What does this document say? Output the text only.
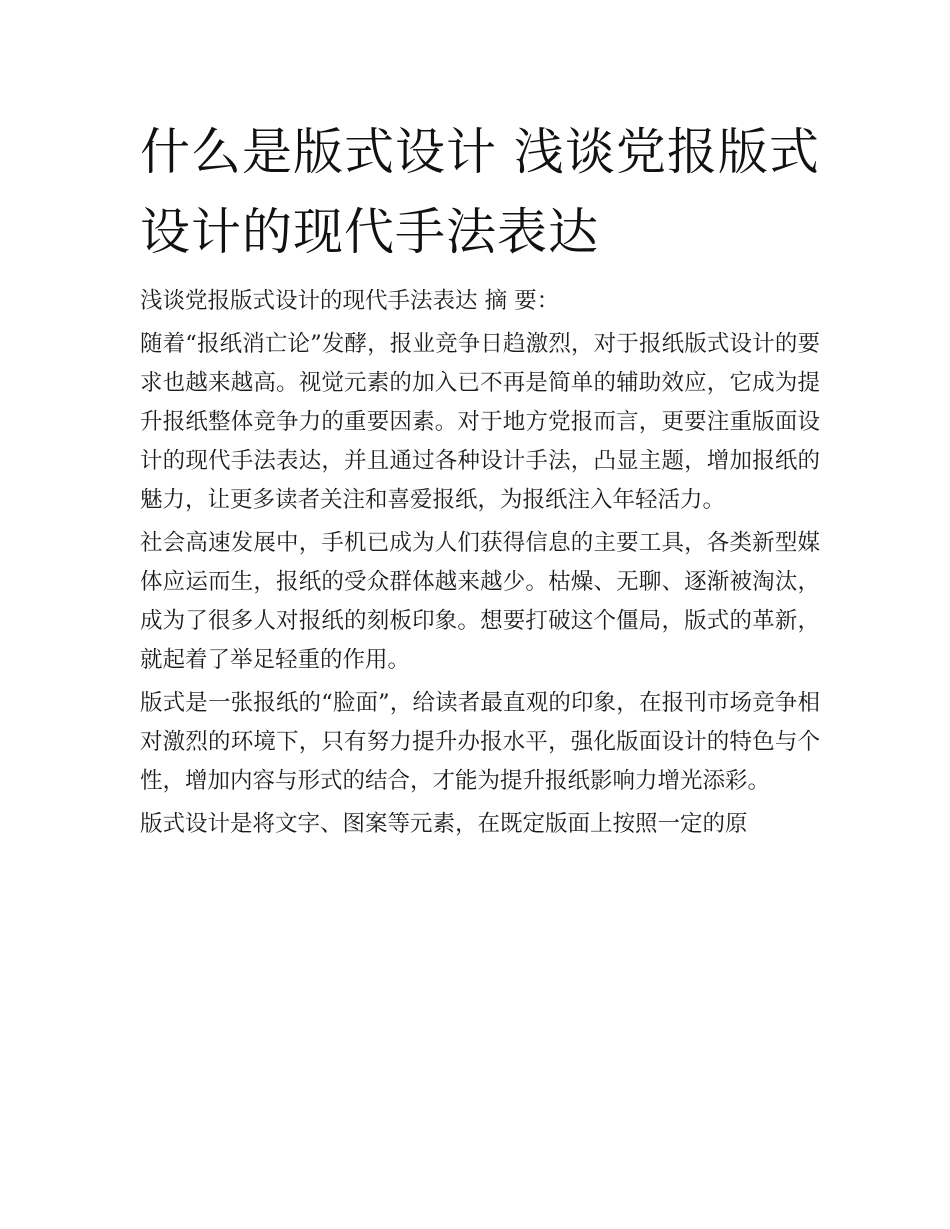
什么是版式设计 浅谈党报版式设计的现代手法表达

浅谈党报版式设计的现代手法表达 摘 要：

随着“报纸消亡论”发酵，报业竞争日趋激烈，对于报纸版式设计的要求也越来越高。视觉元素的加入已不再是简单的辅助效应，它成为提升报纸整体竞争力的重要因素。对于地方党报而言，更要注重版面设计的现代手法表达，并且通过各种设计手法，凸显主题，增加报纸的魅力，让更多读者关注和喜爱报纸，为报纸注入年轻活力。

社会高速发展中，手机已成为人们获得信息的主要工具，各类新型媒体应运而生，报纸的受众群体越来越少。枯燥、无聊、逐渐被淘汰，成为了很多人对报纸的刻板印象。想要打破这个僵局，版式的革新，就起着了举足轻重的作用。

版式是一张报纸的“脸面”，给读者最直观的印象，在报刊市场竞争相对激烈的环境下，只有努力提升办报水平，强化版面设计的特色与个性，增加内容与形式的结合，才能为提升报纸影响力增光添彩。

版式设计是将文字、图案等元素，在既定版面上按照一定的原
